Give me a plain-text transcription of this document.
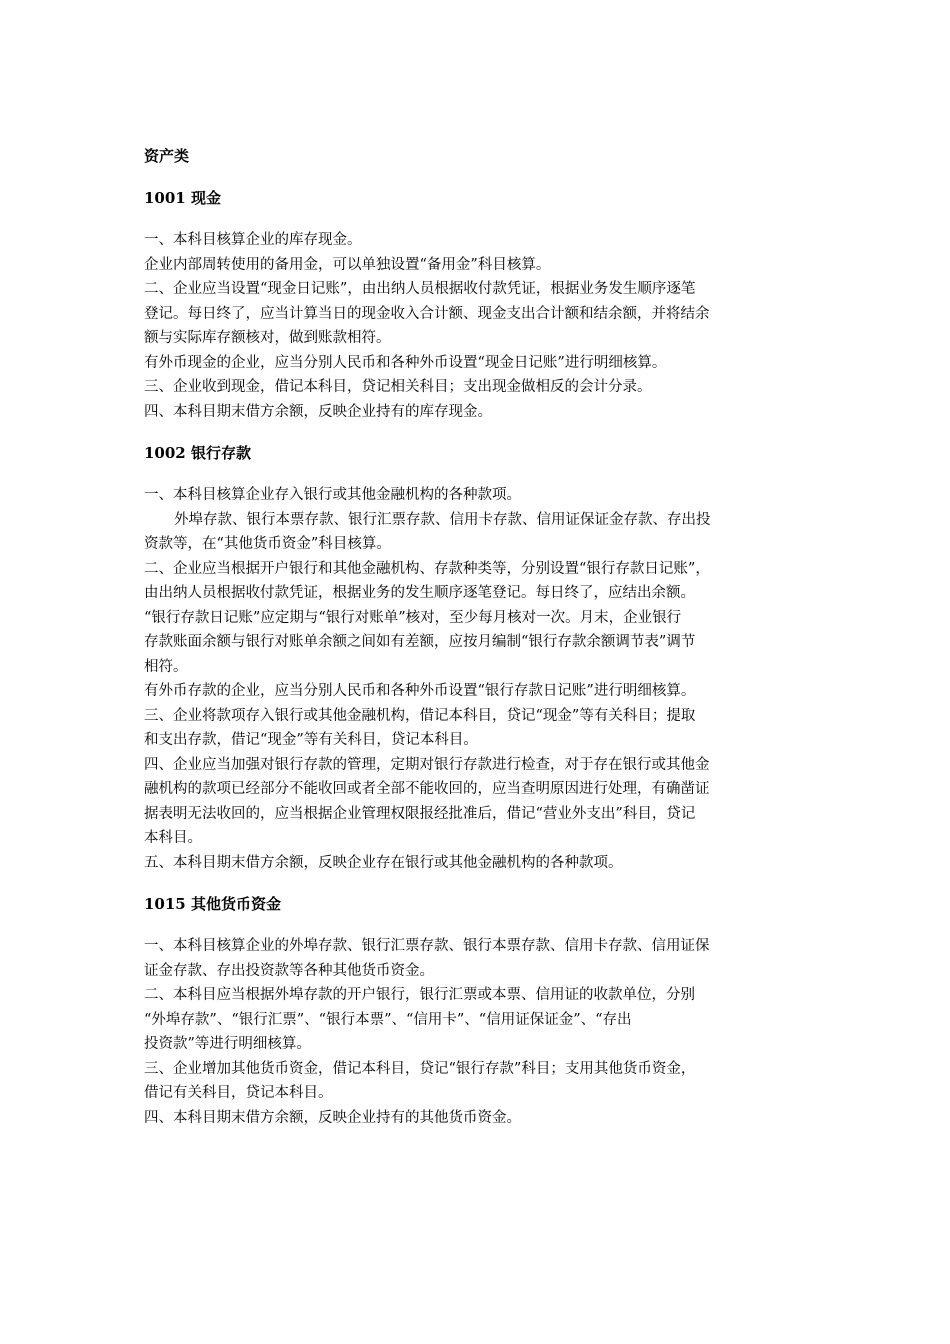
资产类
1001 现金
一、本科目核算企业的库存现金。
企业内部周转使用的备用金，可以单独设置“备用金”科目核算。
二、企业应当设置“现金日记账”，由出纳人员根据收付款凭证，根据业务发生顺序逐笔
登记。每日终了，应当计算当日的现金收入合计额、现金支出合计额和结余额，并将结余
额与实际库存额核对，做到账款相符。
有外币现金的企业，应当分别人民币和各种外币设置“现金日记账”进行明细核算。
三、企业收到现金，借记本科目，贷记相关科目；支出现金做相反的会计分录。
四、本科目期末借方余额，反映企业持有的库存现金。
1002 银行存款
一、本科目核算企业存入银行或其他金融机构的各种款项。
外埠存款、银行本票存款、银行汇票存款、信用卡存款、信用证保证金存款、存出投
资款等，在“其他货币资金”科目核算。
二、企业应当根据开户银行和其他金融机构、存款种类等，分别设置“银行存款日记账”，
由出纳人员根据收付款凭证，根据业务的发生顺序逐笔登记。每日终了，应结出余额。
“银行存款日记账”应定期与“银行对账单”核对，至少每月核对一次。月末，企业银行
存款账面余额与银行对账单余额之间如有差额，应按月编制“银行存款余额调节表”调节
相符。
有外币存款的企业，应当分别人民币和各种外币设置“银行存款日记账”进行明细核算。
三、企业将款项存入银行或其他金融机构，借记本科目，贷记“现金”等有关科目；提取
和支出存款，借记“现金”等有关科目，贷记本科目。
四、企业应当加强对银行存款的管理，定期对银行存款进行检查，对于存在银行或其他金
融机构的款项已经部分不能收回或者全部不能收回的，应当查明原因进行处理，有确凿证
据表明无法收回的，应当根据企业管理权限报经批准后，借记“营业外支出”科目，贷记
本科目。
五、本科目期末借方余额，反映企业存在银行或其他金融机构的各种款项。
1015 其他货币资金
一、本科目核算企业的外埠存款、银行汇票存款、银行本票存款、信用卡存款、信用证保
证金存款、存出投资款等各种其他货币资金。
二、本科目应当根据外埠存款的开户银行，银行汇票或本票、信用证的收款单位，分别
“外埠存款”、“银行汇票”、“银行本票”、“信用卡”、“信用证保证金”、“存出
投资款”等进行明细核算。
三、企业增加其他货币资金，借记本科目，贷记“银行存款”科目；支用其他货币资金，
借记有关科目，贷记本科目。
四、本科目期末借方余额，反映企业持有的其他货币资金。
